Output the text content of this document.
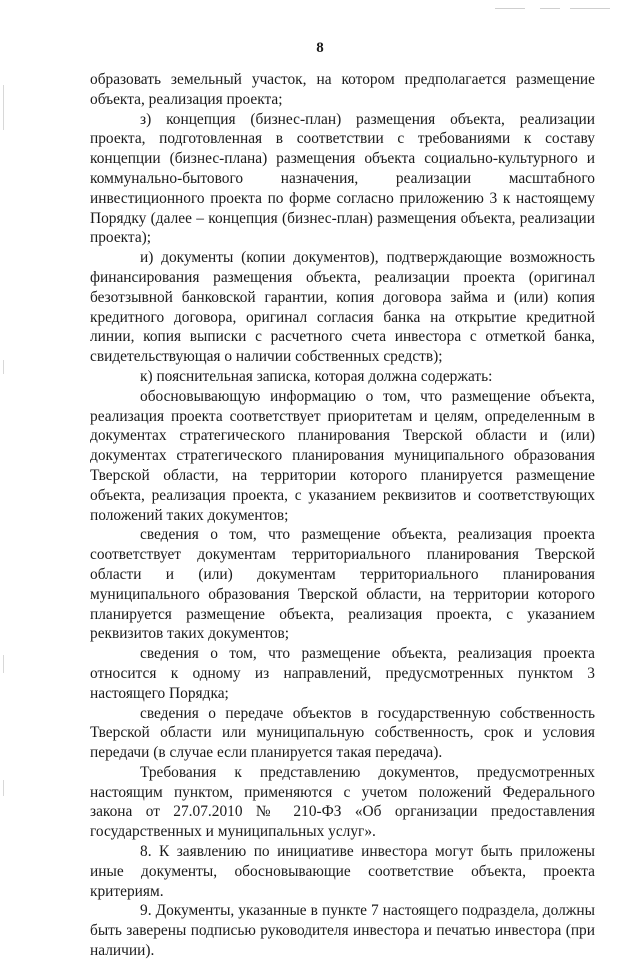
8

образовать земельный участок, на котором предполагается размещение объекта, реализация проекта;

з) концепция (бизнес-план) размещения объекта, реализации проекта, подготовленная в соответствии с требованиями к составу концепции (бизнес-плана) размещения объекта социально-культурного и коммунально-бытового назначения, реализации масштабного инвестиционного проекта по форме согласно приложению 3 к настоящему Порядку (далее – концепция (бизнес-план) размещения объекта, реализации проекта);

и) документы (копии документов), подтверждающие возможность финансирования размещения объекта, реализации проекта (оригинал безотзывной банковской гарантии, копия договора займа и (или) копия кредитного договора, оригинал согласия банка на открытие кредитной линии, копия выписки с расчетного счета инвестора с отметкой банка, свидетельствующая о наличии собственных средств);

к) пояснительная записка, которая должна содержать:

обосновывающую информацию о том, что размещение объекта, реализация проекта соответствует приоритетам и целям, определенным в документах стратегического планирования Тверской области и (или) документах стратегического планирования муниципального образования Тверской области, на территории которого планируется размещение объекта, реализация проекта, с указанием реквизитов и соответствующих положений таких документов;

сведения о том, что размещение объекта, реализация проекта соответствует документам территориального планирования Тверской области и (или) документам территориального планирования муниципального образования Тверской области, на территории которого планируется размещение объекта, реализация проекта, с указанием реквизитов таких документов;

сведения о том, что размещение объекта, реализация проекта относится к одному из направлений, предусмотренных пунктом 3 настоящего Порядка;

сведения о передаче объектов в государственную собственность Тверской области или муниципальную собственность, срок и условия передачи (в случае если планируется такая передача).

Требования к представлению документов, предусмотренных настоящим пунктом, применяются с учетом положений Федерального закона от 27.07.2010 № 210-ФЗ «Об организации предоставления государственных и муниципальных услуг».

8. К заявлению по инициативе инвестора могут быть приложены иные документы, обосновывающие соответствие объекта, проекта критериям.

9. Документы, указанные в пункте 7 настоящего подраздела, должны быть заверены подписью руководителя инвестора и печатью инвестора (при наличии).
